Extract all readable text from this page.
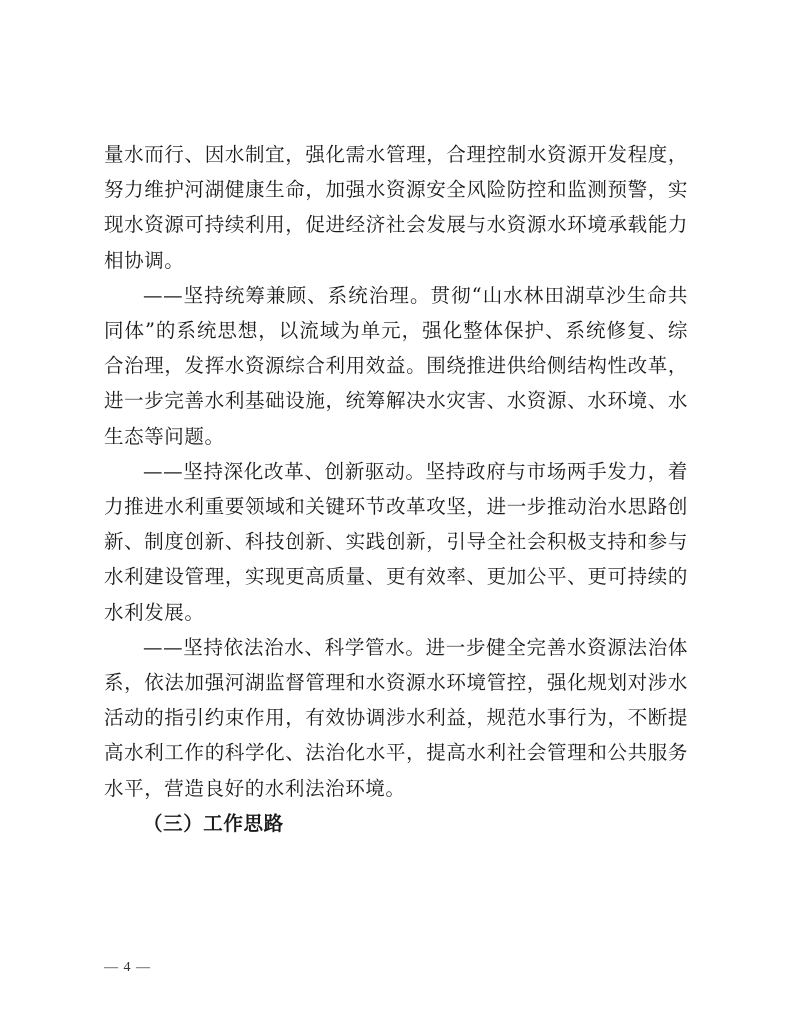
量水而行、因水制宜，强化需水管理，合理控制水资源开发程度，努力维护河湖健康生命，加强水资源安全风险防控和监测预警，实现水资源可持续利用，促进经济社会发展与水资源水环境承载能力相协调。

——坚持统筹兼顾、系统治理。贯彻“山水林田湖草沙生命共同体”的系统思想，以流域为单元，强化整体保护、系统修复、综合治理，发挥水资源综合利用效益。围绕推进供给侧结构性改革，进一步完善水利基础设施，统筹解决水灾害、水资源、水环境、水生态等问题。

——坚持深化改革、创新驱动。坚持政府与市场两手发力，着力推进水利重要领域和关键环节改革攻坚，进一步推动治水思路创新、制度创新、科技创新、实践创新，引导全社会积极支持和参与水利建设管理，实现更高质量、更有效率、更加公平、更可持续的水利发展。

——坚持依法治水、科学管水。进一步健全完善水资源法治体系，依法加强河湖监督管理和水资源水环境管控，强化规划对涉水活动的指引约束作用，有效协调涉水利益，规范水事行为，不断提高水利工作的科学化、法治化水平，提高水利社会管理和公共服务水平，营造良好的水利法治环境。

（三）工作思路

— 4 —
